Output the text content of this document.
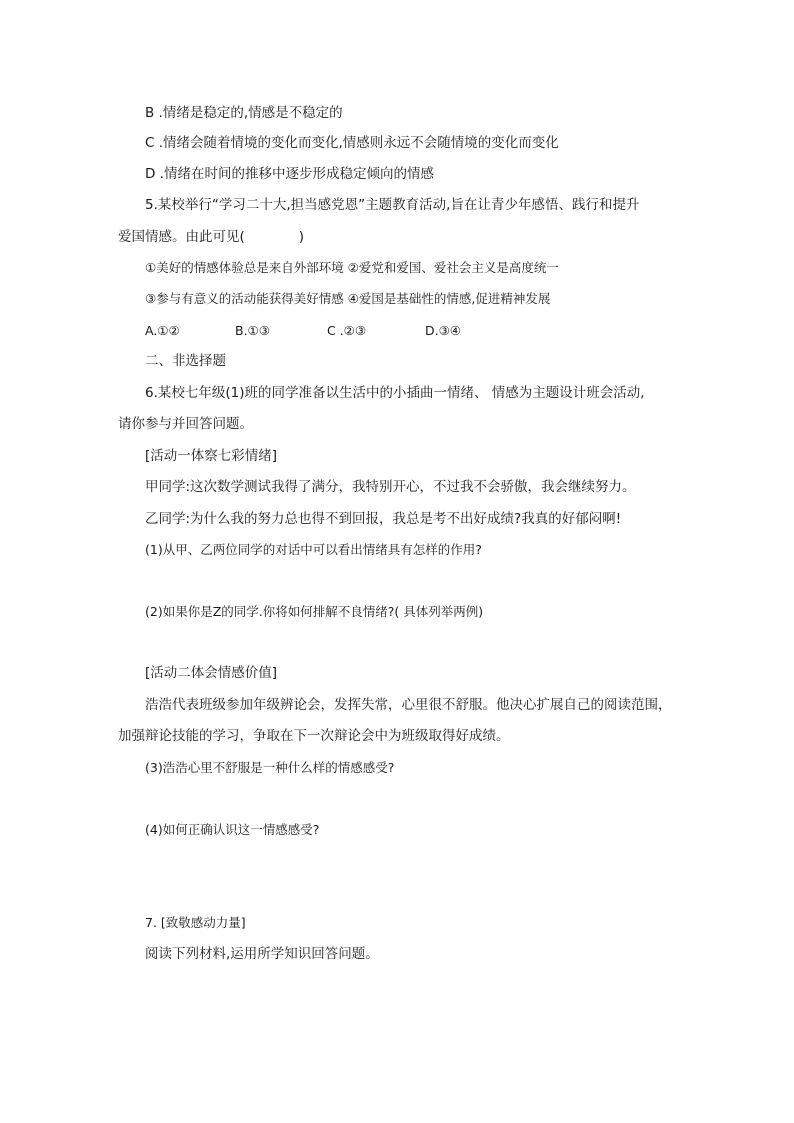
B .情绪是稳定的,情感是不稳定的
C .情绪会随着情境的变化而变化,情感则永远不会随情境的变化而变化
D .情绪在时间的推移中逐步形成稳定倾向的情感
5.某校举行“学习二十大,担当感党恩”主题教育活动,旨在让青少年感悟、践行和提升
爱国情感。由此可见(　　　　)
①美好的情感体验总是来自外部环境 ②爱党和爱国、爱社会主义是高度统一
③参与有意义的活动能获得美好情感 ④爱国是基础性的情感,促进精神发展
A.①②	B.①③	C .②③	D.③④
二、非选择题
6.某校七年级(1)班的同学准备以生活中的小插曲一情绪、 情感为主题设计班会活动,
请你参与并回答问题。
[活动一体察七彩情绪]
甲同学:这次数学测试我得了满分，我特别开心，不过我不会骄傲，我会继续努力。
乙同学:为什么我的努力总也得不到回报，我总是考不出好成绩?我真的好郁闷啊!
(1)从甲、乙两位同学的对话中可以看出情绪具有怎样的作用?
(2)如果你是Z的同学.你将如何排解不良情绪?( 具体列举两例)
[活动二体会情感价值]
浩浩代表班级参加年级辨论会，发挥失常，心里很不舒服。他决心扩展自己的阅读范围，
加强辩论技能的学习，争取在下一次辩论会中为班级取得好成绩。
(3)浩浩心里不舒服是一种什么样的情感感受?
(4)如何正确认识这一情感感受?
7. [致敬感动力量]
阅读下列材料,运用所学知识回答问题。
